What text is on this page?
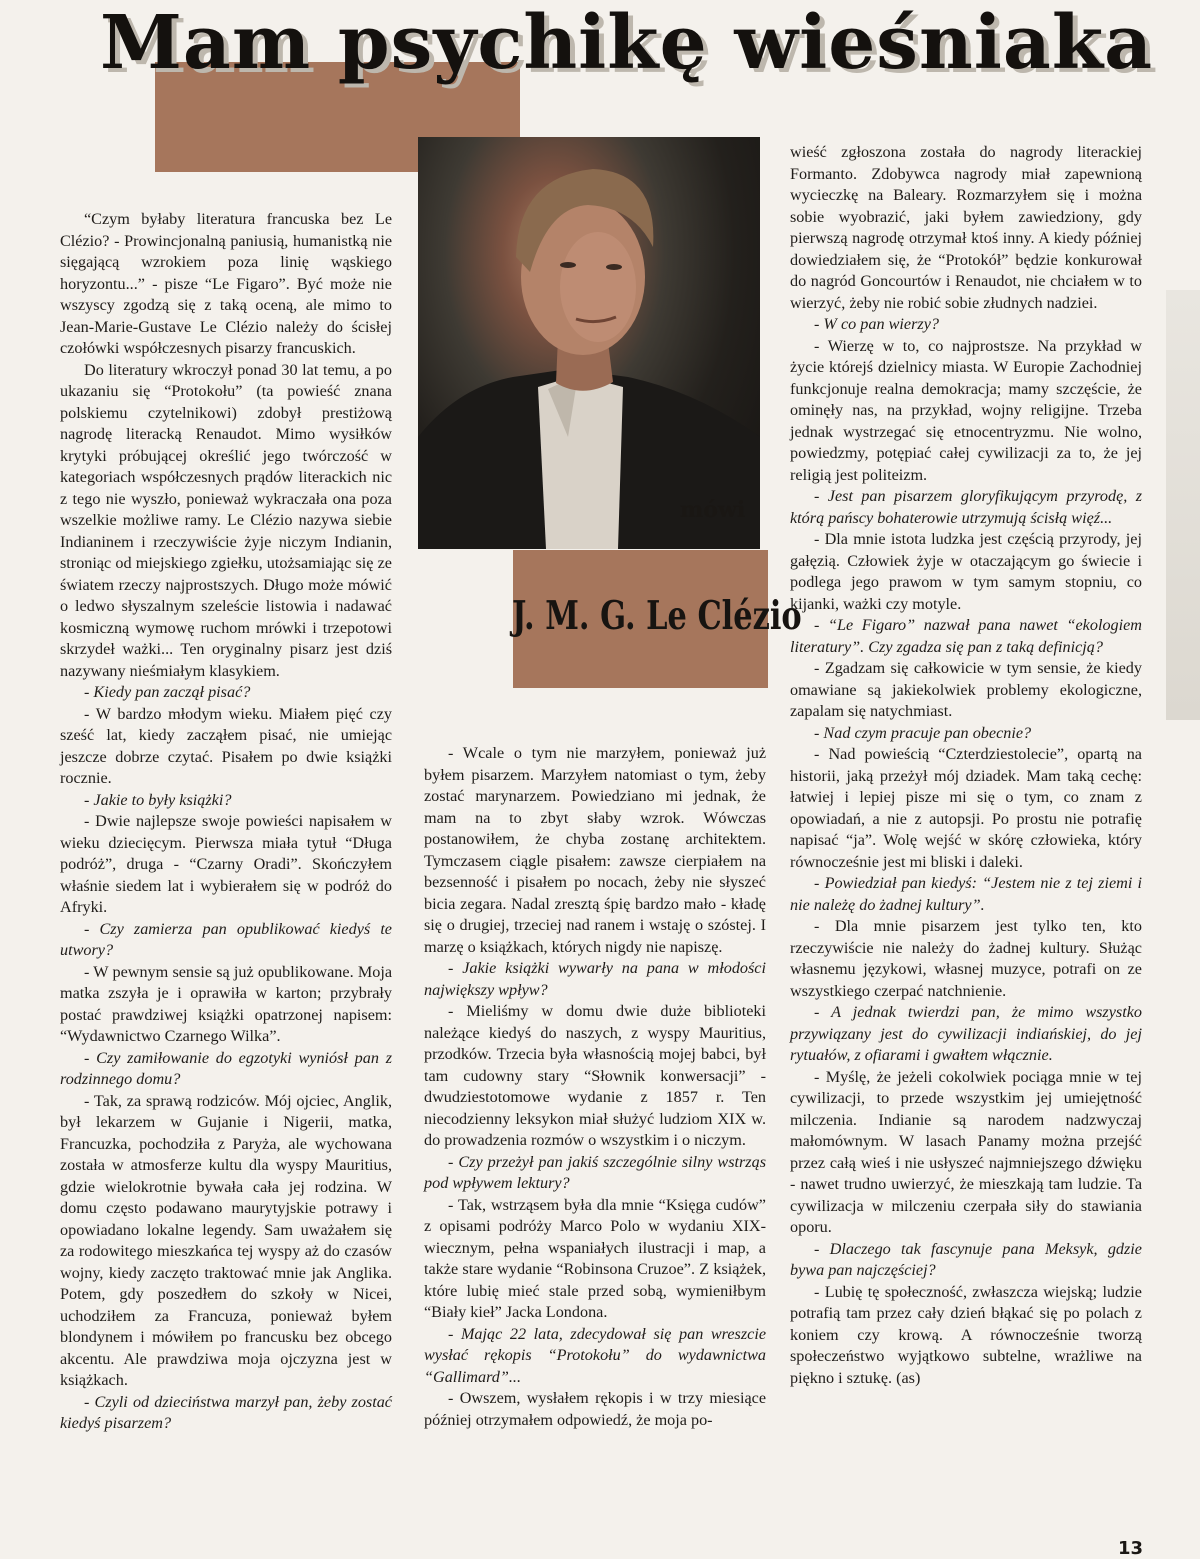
Mam psychikę wieśniaka

mówi

J. M. G. Le Clézio

“Czym byłaby literatura francuska bez Le Clézio? - Prowincjonalną paniusią, humanistką nie sięgającą wzrokiem poza linię wąskiego horyzontu...” - pisze “Le Figaro”. Być może nie wszyscy zgodzą się z taką oceną, ale mimo to Jean-Marie-Gustave Le Clézio należy do ścisłej czołówki współczesnych pisarzy francuskich.

Do literatury wkroczył ponad 30 lat temu, a po ukazaniu się “Protokołu” (ta powieść znana polskiemu czytelnikowi) zdobył prestiżową nagrodę literacką Renaudot. Mimo wysiłków krytyki próbującej określić jego twórczość w kategoriach współczesnych prądów literackich nic z tego nie wyszło, ponieważ wykraczała ona poza wszelkie możliwe ramy. Le Clézio nazywa siebie Indianinem i rzeczywiście żyje niczym Indianin, stroniąc od miejskiego zgiełku, utożsamiając się ze światem rzeczy najprostszych. Długo może mówić o ledwo słyszalnym szeleście listowia i nadawać kosmiczną wymowę ruchom mrówki i trzepotowi skrzydeł ważki... Ten oryginalny pisarz jest dziś nazywany nieśmiałym klasykiem.

- Kiedy pan zaczął pisać?

- W bardzo młodym wieku. Miałem pięć czy sześć lat, kiedy zacząłem pisać, nie umiejąc jeszcze dobrze czytać. Pisałem po dwie książki rocznie.

- Jakie to były książki?

- Dwie najlepsze swoje powieści napisałem w wieku dziecięcym. Pierwsza miała tytuł “Długa podróż”, druga - “Czarny Oradi”. Skończyłem właśnie siedem lat i wybierałem się w podróż do Afryki.

- Czy zamierza pan opublikować kiedyś te utwory?

- W pewnym sensie są już opublikowane. Moja matka zszyła je i oprawiła w karton; przybrały postać prawdziwej książki opatrzonej napisem: “Wydawnictwo Czarnego Wilka”.

- Czy zamiłowanie do egzotyki wyniósł pan z rodzinnego domu?

- Tak, za sprawą rodziców. Mój ojciec, Anglik, był lekarzem w Gujanie i Nigerii, matka, Francuzka, pochodziła z Paryża, ale wychowana została w atmosferze kultu dla wyspy Mauritius, gdzie wielokrotnie bywała cała jej rodzina. W domu często podawano maurytyjskie potrawy i opowiadano lokalne legendy. Sam uważałem się za rodowitego mieszkańca tej wyspy aż do czasów wojny, kiedy zaczęto traktować mnie jak Anglika. Potem, gdy poszedłem do szkoły w Nicei, uchodziłem za Francuza, ponieważ byłem blondynem i mówiłem po francusku bez obcego akcentu. Ale prawdziwa moja ojczyzna jest w książkach.

- Czyli od dzieciństwa marzył pan, żeby zostać kiedyś pisarzem?

- Wcale o tym nie marzyłem, ponieważ już byłem pisarzem. Marzyłem natomiast o tym, żeby zostać marynarzem. Powiedziano mi jednak, że mam na to zbyt słaby wzrok. Wówczas postanowiłem, że chyba zostanę architektem. Tymczasem ciągle pisałem: zawsze cierpiałem na bezsenność i pisałem po nocach, żeby nie słyszeć bicia zegara. Nadal zresztą śpię bardzo mało - kładę się o drugiej, trzeciej nad ranem i wstaję o szóstej. I marzę o książkach, których nigdy nie napiszę.

- Jakie książki wywarły na pana w młodości największy wpływ?

- Mieliśmy w domu dwie duże biblioteki należące kiedyś do naszych, z wyspy Mauritius, przodków. Trzecia była własnością mojej babci, był tam cudowny stary “Słownik konwersacji” - dwudziestotomowe wydanie z 1857 r. Ten niecodzienny leksykon miał służyć ludziom XIX w. do prowadzenia rozmów o wszystkim i o niczym.

- Czy przeżył pan jakiś szczególnie silny wstrząs pod wpływem lektury?

- Tak, wstrząsem była dla mnie “Księga cudów” z opisami podróży Marco Polo w wydaniu XIX-wiecznym, pełna wspaniałych ilustracji i map, a także stare wydanie “Robinsona Cruzoe”. Z książek, które lubię mieć stale przed sobą, wymieniłbym “Biały kieł” Jacka Londona.

- Mając 22 lata, zdecydował się pan wreszcie wysłać rękopis “Protokołu” do wydawnictwa “Gallimard”...

- Owszem, wysłałem rękopis i w trzy miesiące później otrzymałem odpowiedź, że moja po-

wieść zgłoszona została do nagrody literackiej Formanto. Zdobywca nagrody miał zapewnioną wycieczkę na Baleary. Rozmarzyłem się i można sobie wyobrazić, jaki byłem zawiedziony, gdy pierwszą nagrodę otrzymał ktoś inny. A kiedy później dowiedziałem się, że “Protokół” będzie konkurował do nagród Goncourtów i Renaudot, nie chciałem w to wierzyć, żeby nie robić sobie złudnych nadziei.

- W co pan wierzy?

- Wierzę w to, co najprostsze. Na przykład w życie którejś dzielnicy miasta. W Europie Zachodniej funkcjonuje realna demokracja; mamy szczęście, że ominęły nas, na przykład, wojny religijne. Trzeba jednak wystrzegać się etnocentryzmu. Nie wolno, powiedzmy, potępiać całej cywilizacji za to, że jej religią jest politeizm.

- Jest pan pisarzem gloryfikującym przyrodę, z którą pańscy bohaterowie utrzymują ścisłą więź...

- Dla mnie istota ludzka jest częścią przyrody, jej gałęzią. Człowiek żyje w otaczającym go świecie i podlega jego prawom w tym samym stopniu, co kijanki, ważki czy motyle.

- “Le Figaro” nazwał pana nawet “ekologiem literatury”. Czy zgadza się pan z taką definicją?

- Zgadzam się całkowicie w tym sensie, że kiedy omawiane są jakiekolwiek problemy ekologiczne, zapalam się natychmiast.

- Nad czym pracuje pan obecnie?

- Nad powieścią “Czterdziestolecie”, opartą na historii, jaką przeżył mój dziadek. Mam taką cechę: łatwiej i lepiej pisze mi się o tym, co znam z opowiadań, a nie z autopsji. Po prostu nie potrafię napisać “ja”. Wolę wejść w skórę człowieka, który równocześnie jest mi bliski i daleki.

- Powiedział pan kiedyś: “Jestem nie z tej ziemi i nie należę do żadnej kultury”.

- Dla mnie pisarzem jest tylko ten, kto rzeczywiście nie należy do żadnej kultury. Służąc własnemu językowi, własnej muzyce, potrafi on ze wszystkiego czerpać natchnienie.

- A jednak twierdzi pan, że mimo wszystko przywiązany jest do cywilizacji indiańskiej, do jej rytuałów, z ofiarami i gwałtem włącznie.

- Myślę, że jeżeli cokolwiek pociąga mnie w tej cywilizacji, to przede wszystkim jej umiejętność milczenia. Indianie są narodem nadzwyczaj małomównym. W lasach Panamy można przejść przez całą wieś i nie usłyszeć najmniejszego dźwięku - nawet trudno uwierzyć, że mieszkają tam ludzie. Ta cywilizacja w milczeniu czerpała siły do stawiania oporu.

- Dlaczego tak fascynuje pana Meksyk, gdzie bywa pan najczęściej?

- Lubię tę społeczność, zwłaszcza wiejską; ludzie potrafią tam przez cały dzień błąkać się po polach z koniem czy krową. A równocześnie tworzą społeczeństwo wyjątkowo subtelne, wrażliwe na piękno i sztukę. (as)

13
